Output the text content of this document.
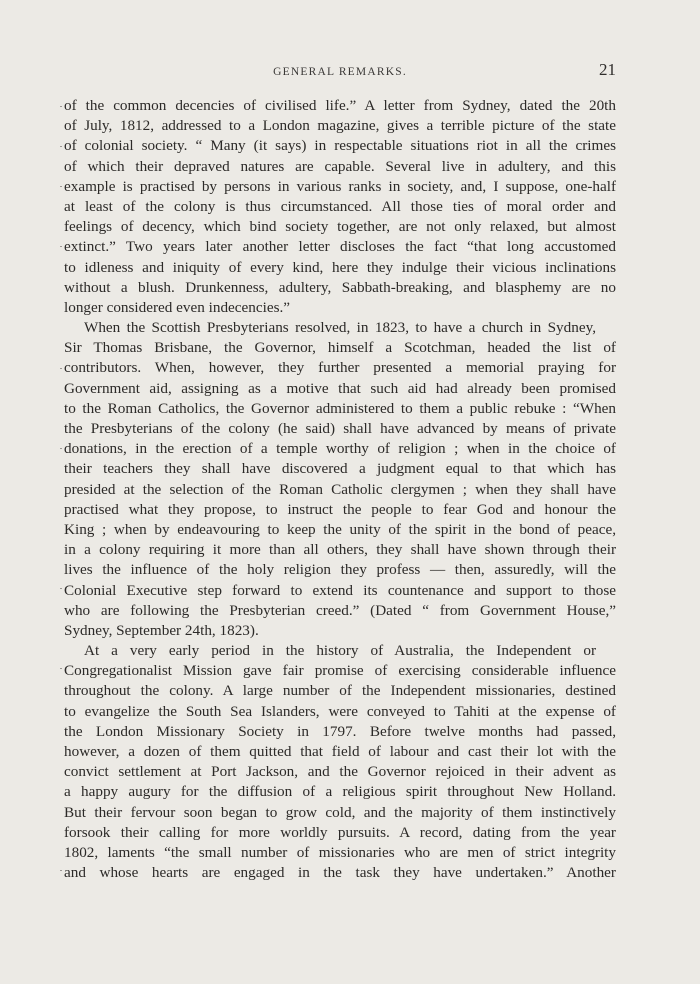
GENERAL REMARKS.	21
of the common decencies of civilised life.” A letter from Sydney, dated the 20th
of July, 1812, addressed to a London magazine, gives a terrible picture of the state
of colonial society. “ Many (it says) in respectable situations riot in all the crimes
of which their depraved natures are capable. Several live in adultery, and this
example is practised by persons in various ranks in society, and, I suppose, one-half
at least of the colony is thus circumstanced. All those ties of moral order and
feelings of decency, which bind society together, are not only relaxed, but almost
extinct.” Two years later another letter discloses the fact “that long accustomed
to idleness and iniquity of every kind, here they indulge their vicious inclinations
without a blush. Drunkenness, adultery, Sabbath-breaking, and blasphemy are no
longer considered even indecencies.”
When the Scottish Presbyterians resolved, in 1823, to have a church in Sydney,
Sir Thomas Brisbane, the Governor, himself a Scotchman, headed the list of
contributors. When, however, they further presented a memorial praying for
Government aid, assigning as a motive that such aid had already been promised
to the Roman Catholics, the Governor administered to them a public rebuke : “When
the Presbyterians of the colony (he said) shall have advanced by means of private
donations, in the erection of a temple worthy of religion ; when in the choice of
their teachers they shall have discovered a judgment equal to that which has
presided at the selection of the Roman Catholic clergymen ; when they shall have
practised what they propose, to instruct the people to fear God and honour the
King ; when by endeavouring to keep the unity of the spirit in the bond of peace,
in a colony requiring it more than all others, they shall have shown through their
lives the influence of the holy religion they profess — then, assuredly, will the
Colonial Executive step forward to extend its countenance and support to those
who are following the Presbyterian creed.” (Dated “ from Government House,”
Sydney, September 24th, 1823).
At a very early period in the history of Australia, the Independent or
Congregationalist Mission gave fair promise of exercising considerable influence
throughout the colony. A large number of the Independent missionaries, destined
to evangelize the South Sea Islanders, were conveyed to Tahiti at the expense of
the London Missionary Society in 1797. Before twelve months had passed,
however, a dozen of them quitted that field of labour and cast their lot with the
convict settlement at Port Jackson, and the Governor rejoiced in their advent as
a happy augury for the diffusion of a religious spirit throughout New Holland.
But their fervour soon began to grow cold, and the majority of them instinctively
forsook their calling for more worldly pursuits. A record, dating from the year
1802, laments “the small number of missionaries who are men of strict integrity
and whose hearts are engaged in the task they have undertaken.” Another
